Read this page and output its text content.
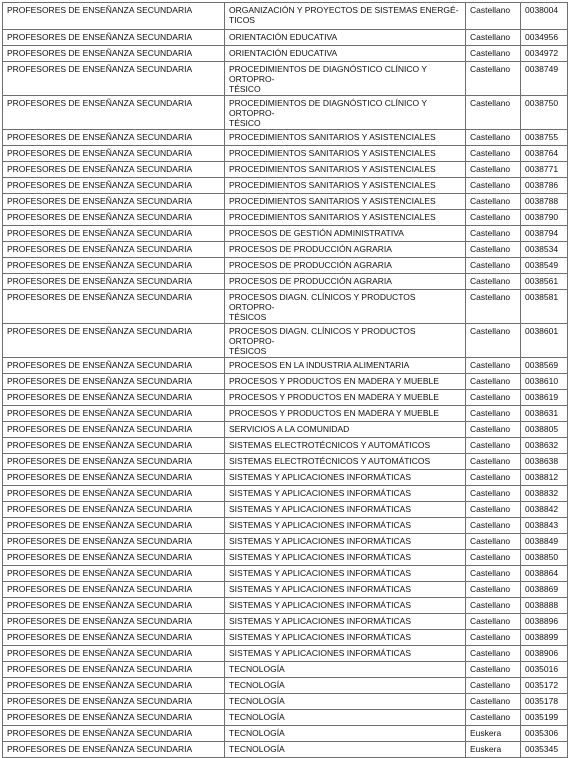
PROFESORES DE ENSEÑANZA SECUNDARIA	ORGANIZACIÓN Y PROYECTOS DE SISTEMAS ENERGÉ-
TICOS	Castellano	0038004
PROFESORES DE ENSEÑANZA SECUNDARIA	ORIENTACIÓN EDUCATIVA	Castellano	0034956
PROFESORES DE ENSEÑANZA SECUNDARIA	ORIENTACIÓN EDUCATIVA	Castellano	0034972
PROFESORES DE ENSEÑANZA SECUNDARIA	PROCEDIMIENTOS DE DIAGNÓSTICO CLÍNICO Y ORTOPRO-
TÉSICO	Castellano	0038749
PROFESORES DE ENSEÑANZA SECUNDARIA	PROCEDIMIENTOS DE DIAGNÓSTICO CLÍNICO Y ORTOPRO-
TÉSICO	Castellano	0038750
PROFESORES DE ENSEÑANZA SECUNDARIA	PROCEDIMIENTOS SANITARIOS Y ASISTENCIALES	Castellano	0038755
PROFESORES DE ENSEÑANZA SECUNDARIA	PROCEDIMIENTOS SANITARIOS Y ASISTENCIALES	Castellano	0038764
PROFESORES DE ENSEÑANZA SECUNDARIA	PROCEDIMIENTOS SANITARIOS Y ASISTENCIALES	Castellano	0038771
PROFESORES DE ENSEÑANZA SECUNDARIA	PROCEDIMIENTOS SANITARIOS Y ASISTENCIALES	Castellano	0038786
PROFESORES DE ENSEÑANZA SECUNDARIA	PROCEDIMIENTOS SANITARIOS Y ASISTENCIALES	Castellano	0038788
PROFESORES DE ENSEÑANZA SECUNDARIA	PROCEDIMIENTOS SANITARIOS Y ASISTENCIALES	Castellano	0038790
PROFESORES DE ENSEÑANZA SECUNDARIA	PROCESOS DE GESTIÓN ADMINISTRATIVA	Castellano	0038794
PROFESORES DE ENSEÑANZA SECUNDARIA	PROCESOS DE PRODUCCIÓN AGRARIA	Castellano	0038534
PROFESORES DE ENSEÑANZA SECUNDARIA	PROCESOS DE PRODUCCIÓN AGRARIA	Castellano	0038549
PROFESORES DE ENSEÑANZA SECUNDARIA	PROCESOS DE PRODUCCIÓN AGRARIA	Castellano	0038561
PROFESORES DE ENSEÑANZA SECUNDARIA	PROCESOS DIAGN. CLÍNICOS Y PRODUCTOS ORTOPRO-
TÉSICOS	Castellano	0038581
PROFESORES DE ENSEÑANZA SECUNDARIA	PROCESOS DIAGN. CLÍNICOS Y PRODUCTOS ORTOPRO-
TÉSICOS	Castellano	0038601
PROFESORES DE ENSEÑANZA SECUNDARIA	PROCESOS EN LA INDUSTRIA ALIMENTARIA	Castellano	0038569
PROFESORES DE ENSEÑANZA SECUNDARIA	PROCESOS Y PRODUCTOS EN MADERA Y MUEBLE	Castellano	0038610
PROFESORES DE ENSEÑANZA SECUNDARIA	PROCESOS Y PRODUCTOS EN MADERA Y MUEBLE	Castellano	0038619
PROFESORES DE ENSEÑANZA SECUNDARIA	PROCESOS Y PRODUCTOS EN MADERA Y MUEBLE	Castellano	0038631
PROFESORES DE ENSEÑANZA SECUNDARIA	SERVICIOS A LA COMUNIDAD	Castellano	0038805
PROFESORES DE ENSEÑANZA SECUNDARIA	SISTEMAS ELECTROTÉCNICOS Y AUTOMÁTICOS	Castellano	0038632
PROFESORES DE ENSEÑANZA SECUNDARIA	SISTEMAS ELECTROTÉCNICOS Y AUTOMÁTICOS	Castellano	0038638
PROFESORES DE ENSEÑANZA SECUNDARIA	SISTEMAS Y APLICACIONES INFORMÁTICAS	Castellano	0038812
PROFESORES DE ENSEÑANZA SECUNDARIA	SISTEMAS Y APLICACIONES INFORMÁTICAS	Castellano	0038832
PROFESORES DE ENSEÑANZA SECUNDARIA	SISTEMAS Y APLICACIONES INFORMÁTICAS	Castellano	0038842
PROFESORES DE ENSEÑANZA SECUNDARIA	SISTEMAS Y APLICACIONES INFORMÁTICAS	Castellano	0038843
PROFESORES DE ENSEÑANZA SECUNDARIA	SISTEMAS Y APLICACIONES INFORMÁTICAS	Castellano	0038849
PROFESORES DE ENSEÑANZA SECUNDARIA	SISTEMAS Y APLICACIONES INFORMÁTICAS	Castellano	0038850
PROFESORES DE ENSEÑANZA SECUNDARIA	SISTEMAS Y APLICACIONES INFORMÁTICAS	Castellano	0038864
PROFESORES DE ENSEÑANZA SECUNDARIA	SISTEMAS Y APLICACIONES INFORMÁTICAS	Castellano	0038869
PROFESORES DE ENSEÑANZA SECUNDARIA	SISTEMAS Y APLICACIONES INFORMÁTICAS	Castellano	0038888
PROFESORES DE ENSEÑANZA SECUNDARIA	SISTEMAS Y APLICACIONES INFORMÁTICAS	Castellano	0038896
PROFESORES DE ENSEÑANZA SECUNDARIA	SISTEMAS Y APLICACIONES INFORMÁTICAS	Castellano	0038899
PROFESORES DE ENSEÑANZA SECUNDARIA	SISTEMAS Y APLICACIONES INFORMÁTICAS	Castellano	0038906
PROFESORES DE ENSEÑANZA SECUNDARIA	TECNOLOGÍA	Castellano	0035016
PROFESORES DE ENSEÑANZA SECUNDARIA	TECNOLOGÍA	Castellano	0035172
PROFESORES DE ENSEÑANZA SECUNDARIA	TECNOLOGÍA	Castellano	0035178
PROFESORES DE ENSEÑANZA SECUNDARIA	TECNOLOGÍA	Castellano	0035199
PROFESORES DE ENSEÑANZA SECUNDARIA	TECNOLOGÍA	Euskera	0035306
PROFESORES DE ENSEÑANZA SECUNDARIA	TECNOLOGÍA	Euskera	0035345
